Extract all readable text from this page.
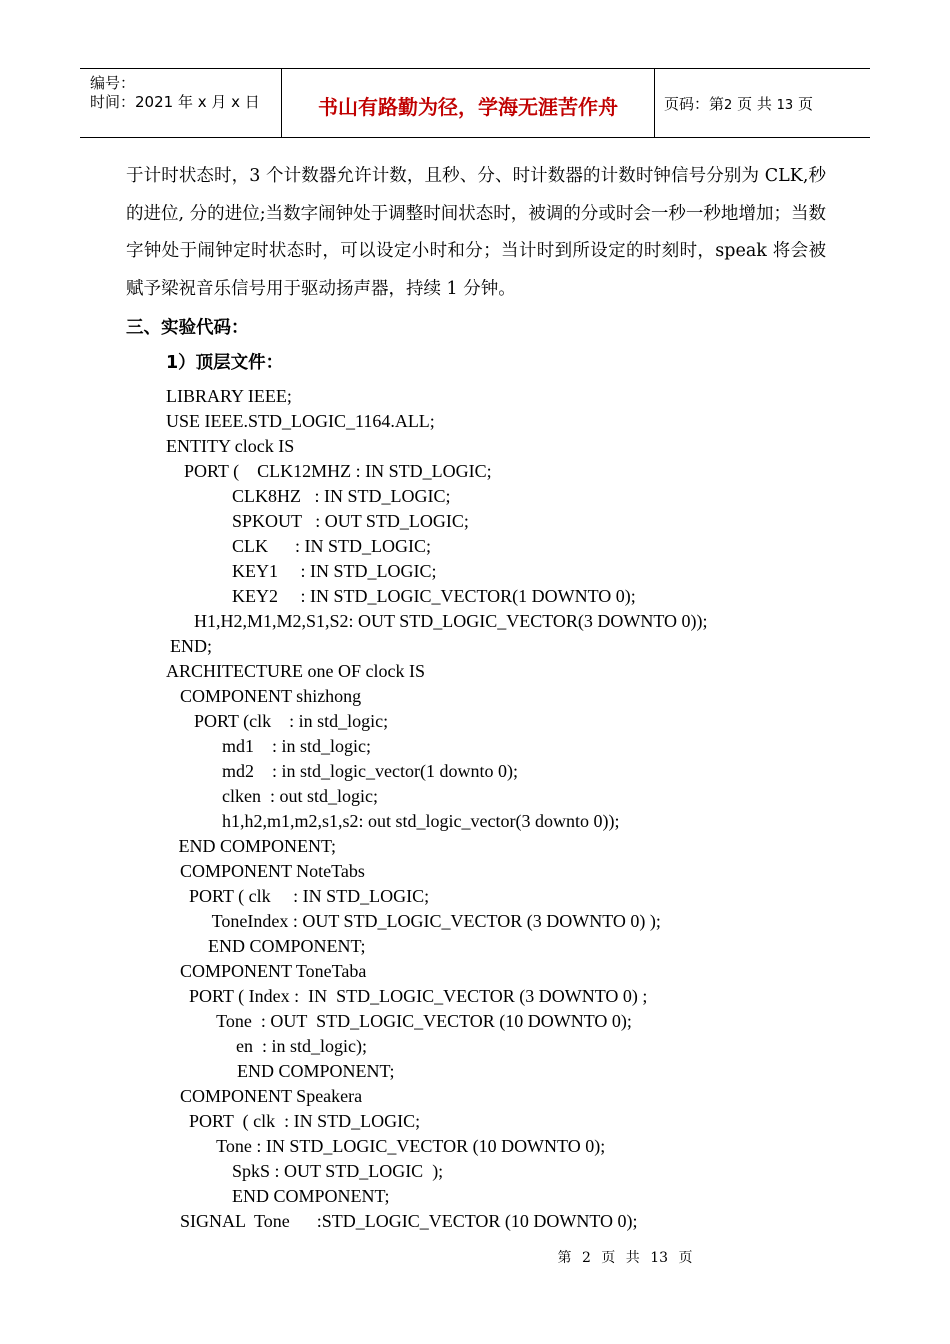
编号：
时间：2021 年 x 月 x 日	书山有路勤为径，学海无涯苦作舟	页码：第2 页 共 13 页
于计时状态时，3 个计数器允许计数，且秒、分、时计数器的计数时钟信号分别为 CLK,秒的进位, 分的进位;当数字闹钟处于调整时间状态时，被调的分或时会一秒一秒地增加；当数字钟处于闹钟定时状态时，可以设定小时和分；当计时到所设定的时刻时，speak 将会被赋予梁祝音乐信号用于驱动扬声器，持续 1 分钟。
三、实验代码：
1）顶层文件：
LIBRARY IEEE;
USE IEEE.STD_LOGIC_1164.ALL;
ENTITY clock IS
PORT (    CLK12MHZ : IN STD_LOGIC;
CLK8HZ   : IN STD_LOGIC;
SPKOUT   : OUT STD_LOGIC;
CLK      : IN STD_LOGIC;
KEY1     : IN STD_LOGIC;
KEY2     : IN STD_LOGIC_VECTOR(1 DOWNTO 0);
H1,H2,M1,M2,S1,S2: OUT STD_LOGIC_VECTOR(3 DOWNTO 0));
END;
ARCHITECTURE one OF clock IS
COMPONENT shizhong
PORT (clk    : in std_logic;
md1    : in std_logic;
md2    : in std_logic_vector(1 downto 0);
clken  : out std_logic;
h1,h2,m1,m2,s1,s2: out std_logic_vector(3 downto 0));
END COMPONENT;
COMPONENT NoteTabs
PORT ( clk     : IN STD_LOGIC;
ToneIndex : OUT STD_LOGIC_VECTOR (3 DOWNTO 0) );
END COMPONENT;
COMPONENT ToneTaba
PORT ( Index :  IN  STD_LOGIC_VECTOR (3 DOWNTO 0) ;
Tone  : OUT  STD_LOGIC_VECTOR (10 DOWNTO 0);
en  : in std_logic);
END COMPONENT;
COMPONENT Speakera
PORT  ( clk  : IN STD_LOGIC;
Tone : IN STD_LOGIC_VECTOR (10 DOWNTO 0);
SpkS : OUT STD_LOGIC  );
END COMPONENT;
SIGNAL  Tone      :STD_LOGIC_VECTOR (10 DOWNTO 0);
第 2 页 共 13 页
